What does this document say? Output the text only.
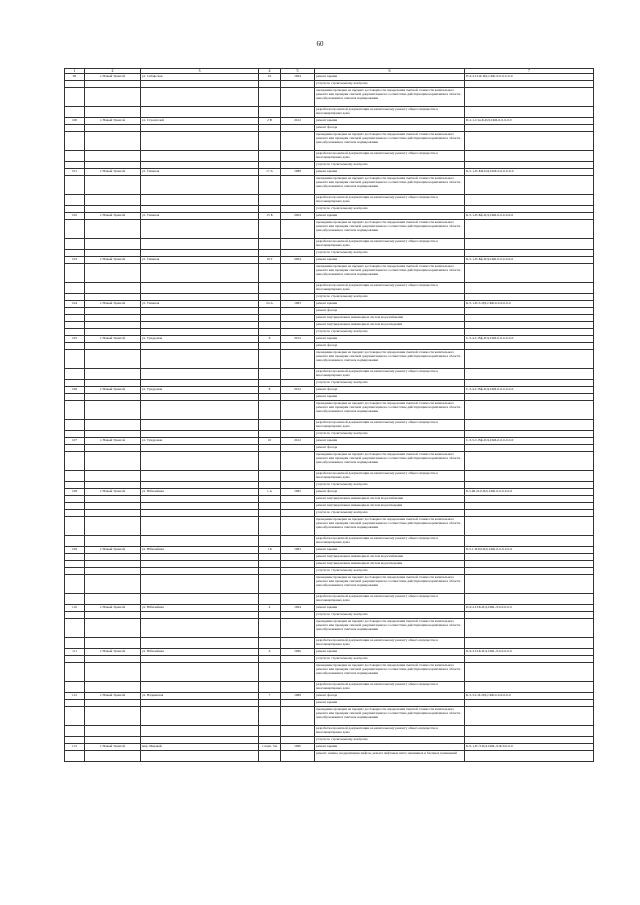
60
1	2	3	4	5	6	7
99	г. Новый Уренгой	ул. Сибирская	45	1994	ремонт крыши	П-9-2-П-Ф-ПД-СКБ-Л-0-0-0-0-0
					услуги по строительному контролю	
					проведение проверки на предмет достоверности определения сметной стоимости капитального ремонта или проверки сметной документации на соответствие действующим нормативам в области ценообразования в сметном нормировании	
					разработка проектной документации на капитальному ремонту общего имущества в многоквартирных дома	
100	г. Новый Уренгой	ул. Строителей	2 В	2012	ремонт крыши	П-2-1-Стн-Б-ПД-СКБ-0-0-0-0-0
					ремонт фасада	
					проведение проверки на предмет достоверности определения сметной стоимости капитального ремонта или проверки сметной документации на соответствие действующим нормативам в области ценообразования в сметном нормировании	
					разработка проектной документации на капитальному ремонту общего имущества в многоквартирных дома	
					услуги по строительному контролю	
101	г. Новый Уренгой	ул. Таёжная	17 А	1988	ремонт крыши	К-5-1-П-БП-ПД-СКБ-0-0-0-0-0-0
					проведение проверки на предмет достоверности определения сметной стоимости капитального ремонта или проверки сметной документации на соответствие действующим нормативам в области ценообразования в сметном нормировании	
					разработка проектной документации на капитальному ремонту общего имущества в многоквартирных дома	
					услуги по строительному контролю	
102	г. Новый Уренгой	ул. Таёжная	15 Б	2004	ремонт крыши	К-5-1-П-Бф-ПД-СКБ-0-0-0-0-0-0
					проведение проверки на предмет достоверности определения сметной стоимости капитального ремонта или проверки сметной документации на соответствие действующим нормативам в области ценообразования в сметном нормировании	
					разработка проектной документации на капитальному ремонту общего имущества в многоквартирных дома	
					услуги по строительному контролю	
103	г. Новый Уренгой	ул. Таёжная	19 Г	2004	ремонт крыши	К-5-1-П-Бф-ПД-СКБ-0-0-0-0-0-0
					проведение проверки на предмет достоверности определения сметной стоимости капитального ремонта или проверки сметной документации на соответствие действующим нормативам в области ценообразования в сметном нормировании	
					разработка проектной документации на капитальному ремонту общего имущества в многоквартирных дома	
					услуги по строительному контролю	
104	г. Новый Уренгой	ул. Таёжная	24 А	1983	ремонт крыши	К-5-1-П-5-ПД-СКБ-0-0-0-0-0-0
					ремонт фасада	
					ремонт внутридомовых инженерных систем водоснабжения	
					ремонт внутридомовых инженерных систем водоотведения	
					услуги по строительному контролю	
105	г. Новый Уренгой	ул. Тундровая	6	2012	ремонт крыши	С-3-4-С-Вф-ПД-СКБ-0-0-0-0-0-0
					ремонт фасада	
					проведение проверки на предмет достоверности определения сметной стоимости капитального ремонта или проверки сметной документации на соответствие действующим нормативам в области ценообразования в сметном нормировании	
					разработка проектной документации на капитальному ремонту общего имущества в многоквартирных дома	
					услуги по строительному контролю	
106	г. Новый Уренгой	ул. Тундровая	8	2012	ремонт фасада	С-3-4-С-Вф-ПД-СКБ-0-0-0-0-0-0
					ремонт крыши	
					проведение проверки на предмет достоверности определения сметной стоимости капитального ремонта или проверки сметной документации на соответствие действующим нормативам в области ценообразования в сметном нормировании	
					разработка проектной документации на капитальному ремонту общего имущества в многоквартирных дома	
					услуги по строительному контролю	
107	г. Новый Уренгой	ул. Тундровая	10	2012	ремонт крыши	С-3-5-С-Вф-ПД-СКБ-0-0-0-0-0-0
					ремонт фасада	
					проведение проверки на предмет достоверности определения сметной стоимости капитального ремонта или проверки сметной документации на соответствие действующим нормативам в области ценообразования в сметном нормировании	
					разработка проектной документации на капитальному ремонту общего имущества в многоквартирных дома	
					услуги по строительному контролю	
108	г. Новый Уренгой	ул. Юбилейная	1 А	1982	ремонт фасада	Б-5-Ш-П-0-ПД-СКБ-0-0-0-0-0-0
					ремонт внутридомовых инженерных систем водоснабжения	
					ремонт внутридомовых инженерных систем водоотведения	
					услуги по строительному контролю	
					проведение проверки на предмет достоверности определения сметной стоимости капитального ремонта или проверки сметной документации на соответствие действующим нормативам в области ценообразования в сметном нормировании	
					разработка проектной документации на капитальному ремонту общего имущества в многоквартирных дома	
109	г. Новый Уренгой	ул. Юбилейная	1 Б	1983	ремонт крыши	Б-5-1-П-Ш-ПД-СКБ-0-0-0-0-0-0
					ремонт внутридомовых инженерных систем водоснабжения	
					ремонт внутридомовых инженерных систем водоотведения	
					услуги по строительному контролю	
					проведение проверки на предмет достоверности определения сметной стоимости капитального ремонта или проверки сметной документации на соответствие действующим нормативам в области ценообразования в сметном нормировании	
					разработка проектной документации на капитальному ремонту общего имущества в многоквартирных дома	
110	г. Новый Уренгой	ул. Юбилейная	4	1994	ремонт крыши	П-9-2-П-Б-ПД-СКБ-Л-0-0-0-0-0
					услуги по строительному контролю	
					проведение проверки на предмет достоверности определения сметной стоимости капитального ремонта или проверки сметной документации на соответствие действующим нормативам в области ценообразования в сметном нормировании	
					разработка проектной документации на капитальному ремонту общего имущества в многоквартирных дома	
111	г. Новый Уренгой	ул. Юбилейная	6	1996	ремонт крыши	П-9-3-П-Б-ПД-СКБ-Л-0-0-0-0-0
					услуги по строительному контролю	
					проведение проверки на предмет достоверности определения сметной стоимости капитального ремонта или проверки сметной документации на соответствие действующим нормативам в области ценообразования в сметном нормировании	
					разработка проектной документации на капитальному ремонту общего имущества в многоквартирных дома	
112	г. Новый Уренгой	ул. Надымская	7	1989	ремонт фасада	К-3-3-С-Б-ПД-СКБ-0-0-0-0-0-0
					ремонт крыши	
					проведение проверки на предмет достоверности определения сметной стоимости капитального ремонта или проверки сметной документации на соответствие действующим нормативам в области ценообразования в сметном нормировании	
					разработка проектной документации на капитальному ремонту общего имущества в многоквартирных дома	
					услуги по строительному контролю	
113	г. Новый Уренгой	мкр. Мирный	1 корп. 3А	1990	ремонт крыши	К-9-1-П-Э-ПД-СКБ-Л-Ф-0-0-0-0
					ремонт, замена, модернизация лифтов, ремонт лифтовых шахт, машинных и блочных помещений	
